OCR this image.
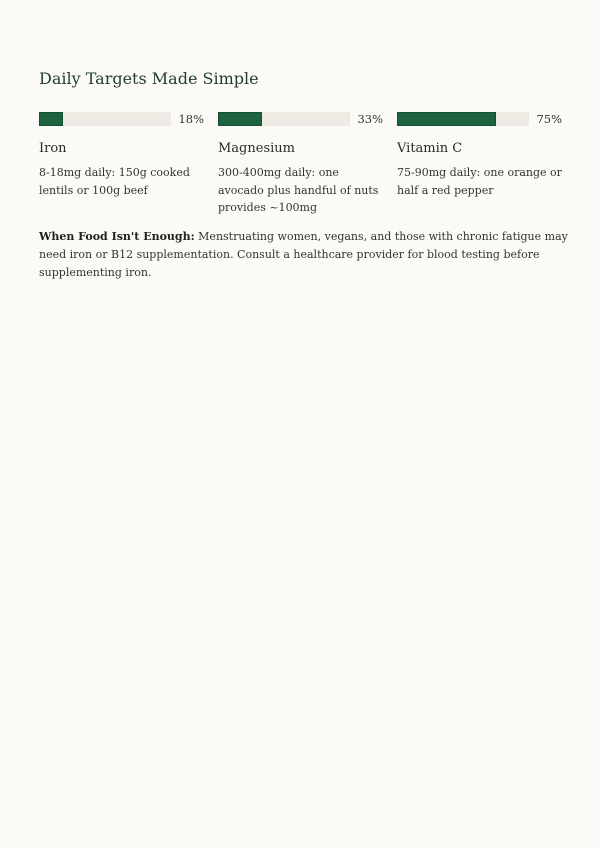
Daily Targets Made Simple
18%
Iron
8-18mg daily: 150g cooked lentils or 100g beef
33%
Magnesium
300-400mg daily: one avocado plus handful of nuts provides ~100mg
75%
Vitamin C
75-90mg daily: one orange or half a red pepper

When Food Isn't Enough: Menstruating women, vegans, and those with chronic fatigue may need iron or B12 supplementation. Consult a healthcare provider for blood testing before supplementing iron.
